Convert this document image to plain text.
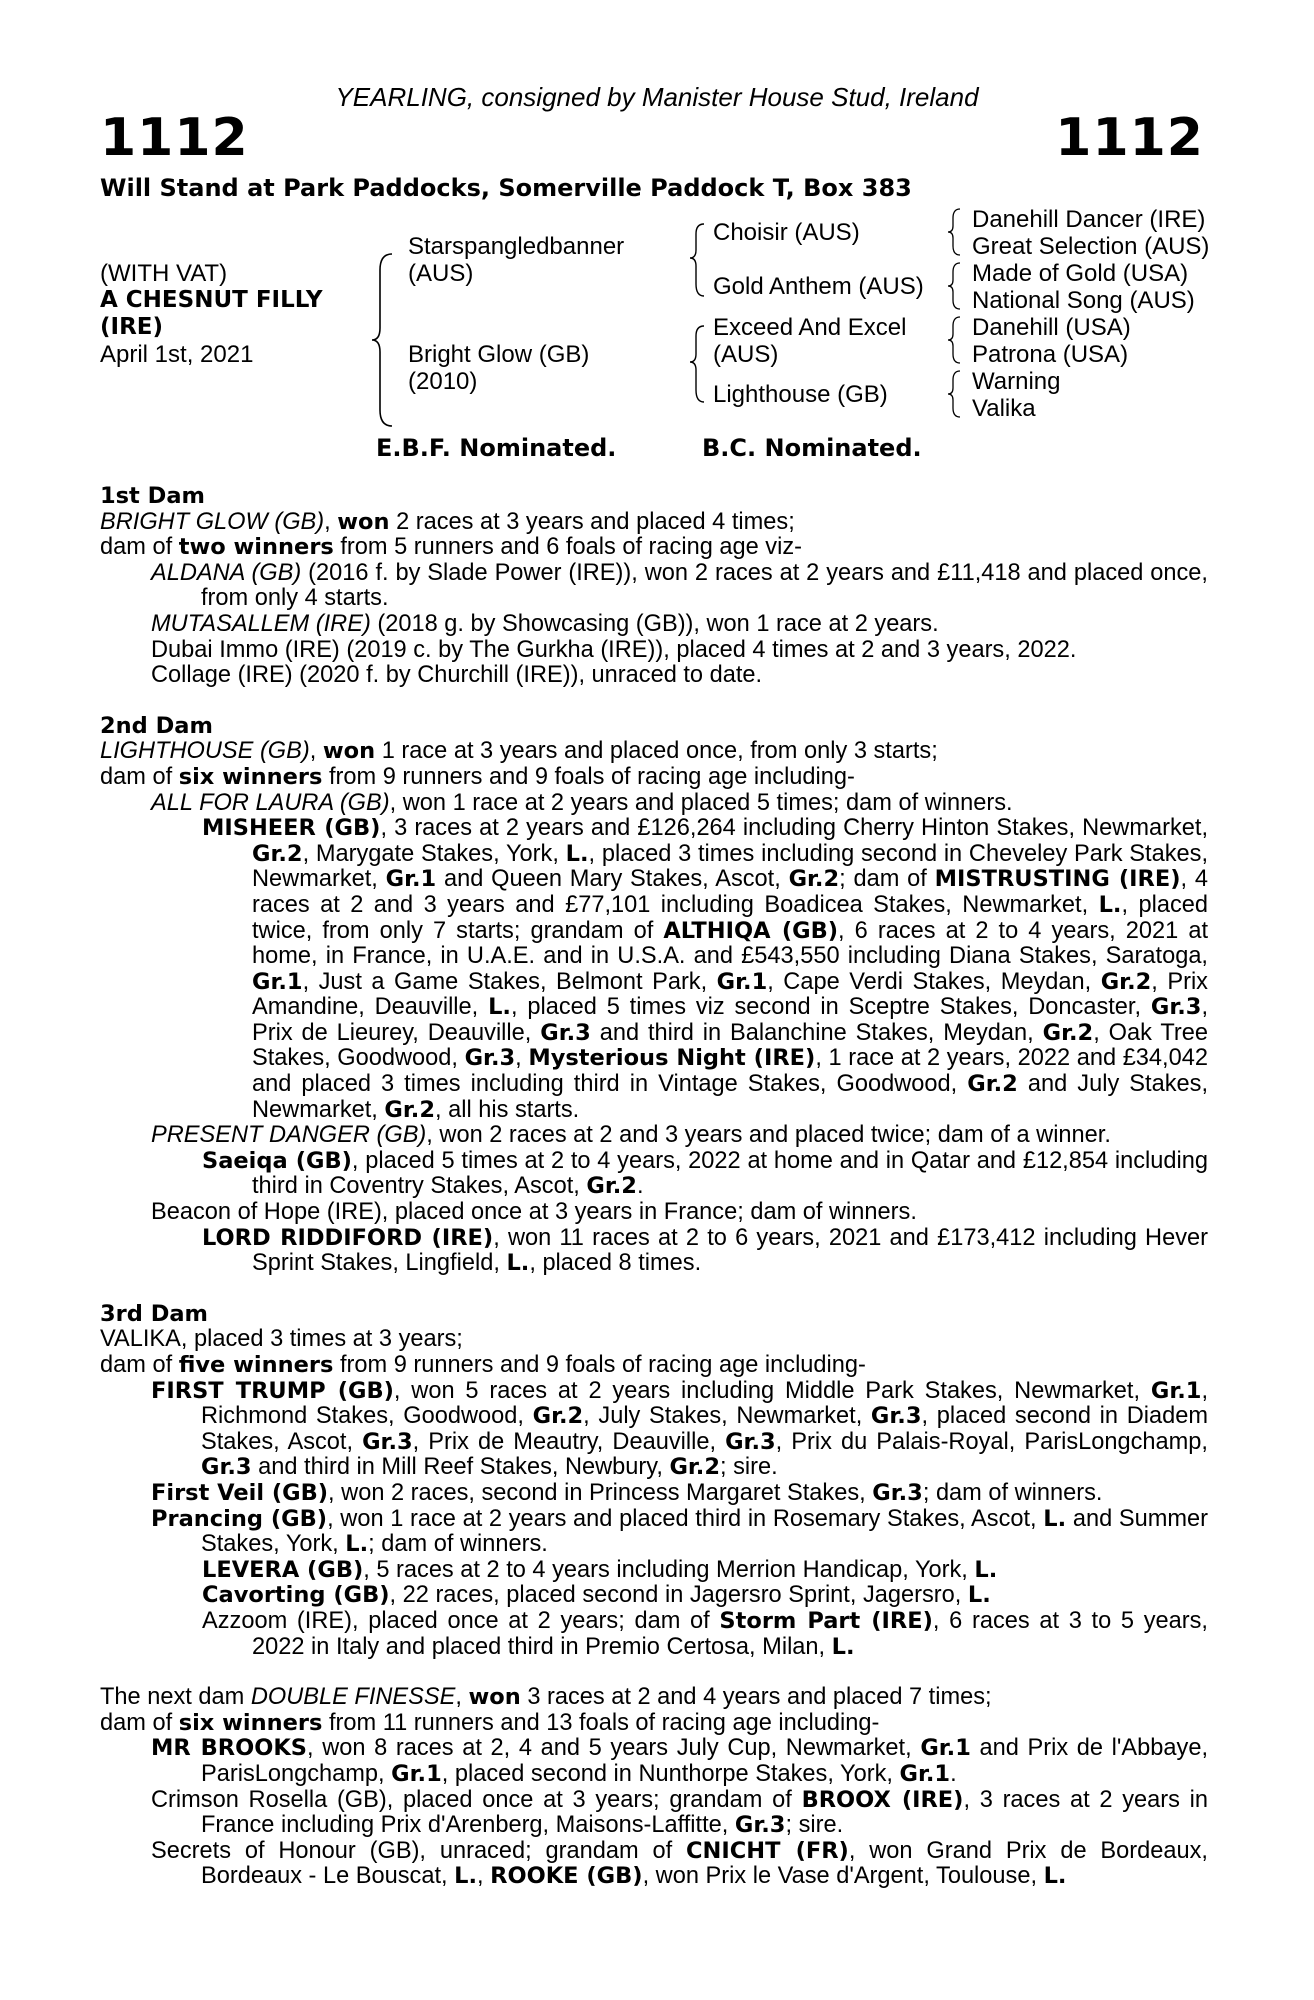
YEARLING, consigned by Manister House Stud, Ireland
1112	1112
Will Stand at Park Paddocks, Somerville Paddock T, Box 383
(WITH VAT)
A CHESNUT FILLY
(IRE)
April 1st, 2021
Starspangledbanner
(AUS)
Bright Glow (GB)
(2010)
Choisir (AUS)
Gold Anthem (AUS)
Exceed And Excel
(AUS)
Lighthouse (GB)
Danehill Dancer (IRE)
Great Selection (AUS)
Made of Gold (USA)
National Song (AUS)
Danehill (USA)
Patrona (USA)
Warning
Valika
E.B.F. Nominated.	B.C. Nominated.

1st Dam

BRIGHT GLOW (GB), won 2 races at 3 years and placed 4 times;

dam of two winners from 5 runners and 6 foals of racing age viz-

ALDANA (GB) (2016 f. by Slade Power (IRE)), won 2 races at 2 years and £11,418 and placed once, from only 4 starts.

MUTASALLEM (IRE) (2018 g. by Showcasing (GB)), won 1 race at 2 years.

Dubai Immo (IRE) (2019 c. by The Gurkha (IRE)), placed 4 times at 2 and 3 years, 2022.

Collage (IRE) (2020 f. by Churchill (IRE)), unraced to date.

2nd Dam

LIGHTHOUSE (GB), won 1 race at 3 years and placed once, from only 3 starts;

dam of six winners from 9 runners and 9 foals of racing age including-

ALL FOR LAURA (GB), won 1 race at 2 years and placed 5 times; dam of winners.

MISHEER (GB), 3 races at 2 years and £126,264 including Cherry Hinton Stakes, Newmarket, Gr.2, Marygate Stakes, York, L., placed 3 times including second in Cheveley Park Stakes, Newmarket, Gr.1 and Queen Mary Stakes, Ascot, Gr.2; dam of MISTRUSTING (IRE), 4 races at 2 and 3 years and £77,101 including Boadicea Stakes, Newmarket, L., placed twice, from only 7 starts; grandam of ALTHIQA (GB), 6 races at 2 to 4 years, 2021 at home, in France, in U.A.E. and in U.S.A. and £543,550 including Diana Stakes, Saratoga, Gr.1, Just a Game Stakes, Belmont Park, Gr.1, Cape Verdi Stakes, Meydan, Gr.2, Prix Amandine, Deauville, L., placed 5 times viz second in Sceptre Stakes, Doncaster, Gr.3, Prix de Lieurey, Deauville, Gr.3 and third in Balanchine Stakes, Meydan, Gr.2, Oak Tree Stakes, Goodwood, Gr.3, Mysterious Night (IRE), 1 race at 2 years, 2022 and £34,042 and placed 3 times including third in Vintage Stakes, Goodwood, Gr.2 and July Stakes, Newmarket, Gr.2, all his starts.

PRESENT DANGER (GB), won 2 races at 2 and 3 years and placed twice; dam of a winner.

Saeiqa (GB), placed 5 times at 2 to 4 years, 2022 at home and in Qatar and £12,854 including third in Coventry Stakes, Ascot, Gr.2.

Beacon of Hope (IRE), placed once at 3 years in France; dam of winners.

LORD RIDDIFORD (IRE), won 11 races at 2 to 6 years, 2021 and £173,412 including Hever Sprint Stakes, Lingfield, L., placed 8 times.

3rd Dam

VALIKA, placed 3 times at 3 years;

dam of five winners from 9 runners and 9 foals of racing age including-

FIRST TRUMP (GB), won 5 races at 2 years including Middle Park Stakes, Newmarket, Gr.1, Richmond Stakes, Goodwood, Gr.2, July Stakes, Newmarket, Gr.3, placed second in Diadem Stakes, Ascot, Gr.3, Prix de Meautry, Deauville, Gr.3, Prix du Palais-Royal, ParisLongchamp, Gr.3 and third in Mill Reef Stakes, Newbury, Gr.2; sire.

First Veil (GB), won 2 races, second in Princess Margaret Stakes, Gr.3; dam of winners.

Prancing (GB), won 1 race at 2 years and placed third in Rosemary Stakes, Ascot, L. and Summer Stakes, York, L.; dam of winners.

LEVERA (GB), 5 races at 2 to 4 years including Merrion Handicap, York, L.

Cavorting (GB), 22 races, placed second in Jagersro Sprint, Jagersro, L.

Azzoom (IRE), placed once at 2 years; dam of Storm Part (IRE), 6 races at 3 to 5 years, 2022 in Italy and placed third in Premio Certosa, Milan, L.

The next dam DOUBLE FINESSE, won 3 races at 2 and 4 years and placed 7 times;

dam of six winners from 11 runners and 13 foals of racing age including-

MR BROOKS, won 8 races at 2, 4 and 5 years July Cup, Newmarket, Gr.1 and Prix de l'Abbaye, ParisLongchamp, Gr.1, placed second in Nunthorpe Stakes, York, Gr.1.

Crimson Rosella (GB), placed once at 3 years; grandam of BROOX (IRE), 3 races at 2 years in France including Prix d'Arenberg, Maisons-Laffitte, Gr.3; sire.

Secrets of Honour (GB), unraced; grandam of CNICHT (FR), won Grand Prix de Bordeaux, Bordeaux - Le Bouscat, L., ROOKE (GB), won Prix le Vase d'Argent, Toulouse, L.
